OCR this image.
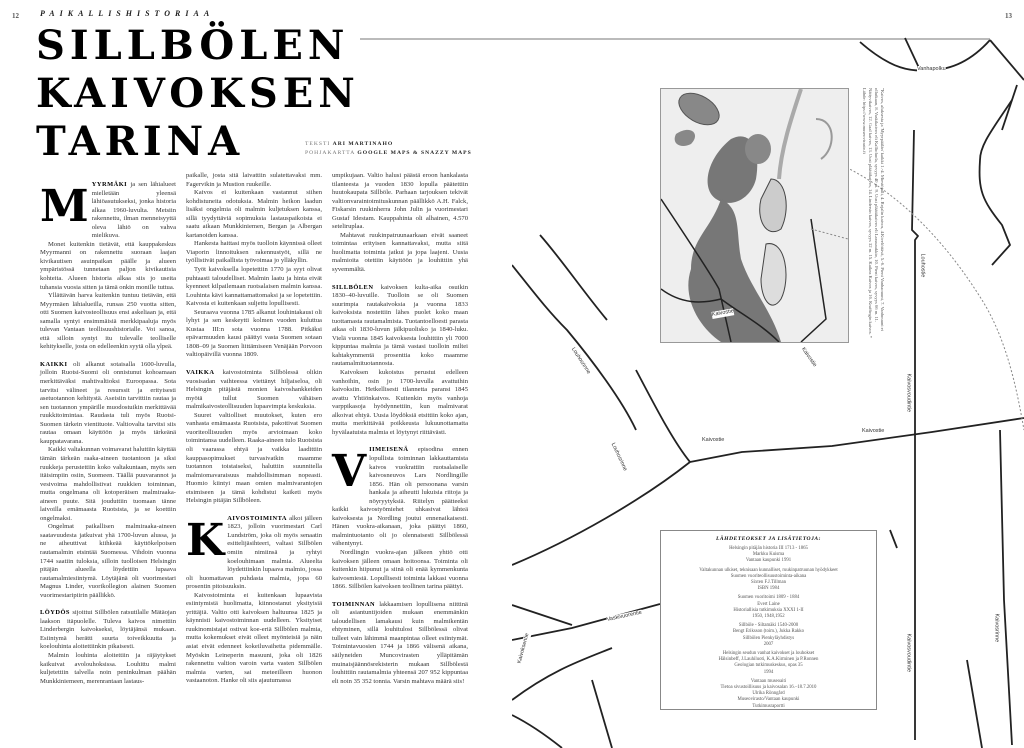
12	PAIKALLISHISTORIAA
SILLBÖLEN
KAIVOKSEN
TARINA	TEKSTI ARI MARTINAHO
POHJAKARTTA GOOGLE MAPS & SNAZZY MAPS

MYYRMÄKI ja sen lähialueet mielletään yleensä lähiöasutukseksi, jonka historia alkaa 1960-luvulta. Metsiin rakennettu, ilman menneisyyttä oleva lähiö on vahva mielikuva.

Monet kuitenkin tietävät, että kauppakeskus Myyrmanni on rakennettu suoraan laajan kivikautisen asuinpaikan päälle ja alueen ympäristössä tunnetaan paljon kivikautisia kohteita. Alueen historia alkaa siis jo useita tuhansia vuosia sitten ja tämä onkin monille tuttua.

Yllättävän harva kuitenkin tuntuu tietävän, että Myyrmäen lähialueilla, runsas 250 vuotta sitten, otti Suomen kaivosteollisuus ensi askeliaan ja, että samalla syntyi ensimmäisiä merkkipaaluja myös tulevan Vantaan teollisuushistorialle. Voi sanoa, että silloin syntyi itu tulevalle teolliselle kehitykselle, josta on edelleenkin syytä olla ylpeä.

KAIKKI oli alkanut sotaisalla 1600-luvulla, jolloin Ruotsi-Suomi oli onnistunut kohoamaan merkittäväksi mahtivaltioksi Euroopassa. Sota tarvitsi välineet ja resurssit ja erityisesti asetuotannon kehitystä. Aseisiin tarvittiin rautaa ja sen tuotannon ympärille muodostuikin merkittävää ruukkitoimintaa. Raudasta tuli myös Ruotsi-Suomen tärkein vientituote. Valtiovalta tarvitsi siis rautaa omaan käyttöön ja myös tärkeänä kauppatavarana.

Kaikki valtakunnan voimavarat haluttiin käyttää tämän tärkeän raaka-aineen tuotantoon ja siksi ruukkeja perustettiin koko valtakuntaan, myös sen itäisimpiin osiin, Suomeen. Täällä puuvarannot ja vesivoima mahdollistivat ruukkien toiminnan, mutta ongelmana oli kotoperäisen malmiraaka-aineen puute. Sitä jouduttiin tuomaan tänne laivoilla emämaasta Ruotsista, ja se koettiin ongelmaksi.

Ongelmat paikallisen malmiraaka-aineen saatavuudesta jatkuivat yhä 1700-luvun alussa, ja ne aiheuttivat kiihkeää käyttökelpoisen rautamalmin etsintää Suomessa. Vihdoin vuonna 1744 saatiin tuloksia, silloin tuolloisen Helsingin pitäjän alueella löydettiin lupaava rautamalmiesiintymä. Löytäjänä oli vuorimestari Magnus Linder, vuorikollegion alainen Suomen vuorimestaripiirin päällikkö.

LÖYDÖS sijoittui Sillbölen ratsutilalle Mätäojan laakson itäpuolelle. Tuleva kaivos nimettiin Linderbergin kaivokseksi, löytäjänsä mukaan. Esiintymä herätti suurta toiveikkuutta ja koelouhinta aloitettiinkin pikaisesti.

Malmin louhinta aloitettiin ja räjäytykset kaikuivat avolouhoksissa. Louhittu malmi kuljetettiin talvella noin peninkulman päähän Munkkiniemeen, merenrantaan lastaus-

paikalle, josta sitä laivattiin sulatettavaksi mm. Fagervikin ja Mustion ruukeille.

Kaivos ei kuitenkaan vastannut siihen kohdistuneita odotuksia. Malmin heikon laadun lisäksi ongelmia oli malmin kuljetuksen kanssa, sillä tyydyttäviä sopimuksia lastauspaikoista ei saatu aikaan Munkkiniemen, Bergan ja Albergan kartanoiden kanssa.

Hankesta haittasi myös tuolloin käynnissä olleet Viaporin linnoituksen rakennustyöt, sillä ne työllistivät paikallista työvoimaa jo ylläkyllin.

Työt kaivoksella lopetettiin 1770 ja syyt olivat puhtaasti taloudelliset. Malmin laatu ja hinta eivät kyenneet kilpailemaan ruotsalaisen malmin kanssa. Louhinta kävi kannattamattomaksi ja se lopetettiin. Kaivosta ei kuitenkaan suljettu lopullisesti.

Seuraava vuonna 1785 alkanut louhintakausi oli lyhyt ja sen keskeytti kolmen vuoden kuluttua Kustaa III:n sota vuonna 1788. Pitkäksi epävarmuuden kausi päättyi vasta Suomen sotaan 1808–09 ja Suomen liittämiseen Venäjään Porvoon valtiopäivillä vuonna 1809.

VAIKKA kaivostoiminta Sillbölessä olikin vuosisadan vaihteessa viettänyt hiljaiseloa, oli Helsingin pitäjästä monien kaivoshankkeiden myötä tullut Suomen vähäisen malmikaivosteollisuuden lupaavimpia keskuksia.

Suuret valtiolliset muutokset, kuten ero vanhasta emämaasta Ruotsista, pakottivat Suomen vuoriteollisuuden myös arvioimaan koko toimintansa uudelleen. Raaka-aineen tulo Ruotsista oli vaarassa ehtyä ja vaikka laadittiin kauppasopimukset turvasivatkin maamme tuotannon toistaiseksi, haluttiin suunnitella malmiomavaraisuus mahdollisimman nopeasti. Huomio kiintyi maan omien malmivarantojen etsimiseen ja tämä kohdistui kaiketi myös Helsingin pitäjän Sillböleen.

KAIVOSTOIMINTA alkoi jälleen 1823, jolloin vuorimestari Carl Lundström, joka oli myös senaatin esittelijäsihteeri, valtasi Sillbölen omiin nimiinsä ja ryhtyi koelouhimaan malmia. Alueelta löydettiinkin lupaava malmio, jossa oli huomattavan puhdasta malmia, jopa 60 prosentin pitoisuuksin.

Kaivostoiminta ei kuitenkaan lupaavista esiintymistä huolimatta, kiinnostanut yksityisiä yrittäjiä. Valtio otti kaivoksen haltuunsa 1825 ja käynnisti kaivostoiminnan uudelleen. Yksityiset ruukinomistajat ostivat koe-eriä Sillbölen malmia, mutta kokemukset eivät olleet myönteisiä ja näin asiat eivät edenneet kokeiluvaihetta pidemmälle. Myöskin Leineperin masuuni, joka oli 1826 rakennettu valtion varoin varta vasten Sillbölen malmia varten, sai meteeilleen huonon vastaanoton. Hanke oli siis ajautumassa

umpikujaan. Valtio halusi päästä eroon hankalasta tilanteesta ja vuoden 1830 lopulla päätettiin huutokaupata Sillböle. Parhaan tarjouksen tekivät valtionvaraintoimituskunnan päällikkö A.H. Falck, Fiskarsin ruukinherra John Julin ja vuorimestari Gustaf Idestam. Kauppahinta oli alhainen, 4.570 seteliruplaa.

Mahtavat ruukinpatruunaarkaan eivät saaneet toimintaa erityisen kannattavaksi, mutta siitä huolimatta toiminta jatkui ja jopa laajeni. Uusia malmioita otettiin käyttöön ja louhittiin yhä syvemmältä.

SILLBÖLEN kaivoksen kulta-aika osuikin 1830–40-luvuille. Tuolloin se oli Suomen suurimpia rautakaivoksia ja vuonna 1833 kaivoksista nostettiin lähes puolet koko maan tuottamasta rautamalmista. Tuotantoelloesti parasta aikaa oli 1830-luvun jälkipuolisko ja 1840-luku. Vielä vuonna 1845 kaivoksesta louhittiin yli 7000 kippuntaa malmia ja tämä vastasi tuolloin miltei kahtakymmentä prosenttia koko maamme rautamalmituotannosta.

Kaivoksen kukoistus perustui edelleen vanhoihin, osin jo 1700-luvulla avattuihin kaivoksiin. Hetkellisesti tilannetta paransi 1845 avattu Yhtiönkaivos. Kuitenkin myös vanhoja varppikasoja hyödynnettiin, kun malmivarat alkoivat ehtyä. Uusia löydöksiä etsittiin koko ajan, mutta merkittävää poikkeusta lukuunottamatta hyvälaatuista malmia ei löytynyt riittävästi.

VIIMEISENÄ episodina ennen lopullista toiminnan lakkauttamista kaivos vuokrattiin ruotsalaiselle kaivosneuvos Lars Nordlingille 1856. Hän oli persoonana varsin hankala ja aiheutti lukuisia riitoja ja nöyryytyksiä. Riitelyn päätteeksi kaikki kaivostyömiehet uhkasivat lähteä kaivoksesta ja Nordling joutui ennenaikaisesti. Hänen vuokra-aikanaan, joka päättyi 1860, malmintuotanto oli jo olennaisesti Sillbölessä vähentynyt.

Nordlingin vuokra-ajan jälkeen yhtiö otti kaivoksen jälleen omaan hoitoonsa. Toiminta oli kuitenkin hiipunut ja siinä oli enää kymmenkunta kaivosmiestä. Lopullisesti toiminta lakkasi vuonna 1866. Sillbölen kaivoksen teollinen tarina päättyi.

TOIMINNAN lakkaamisen lopullisena niittinä oli asiantuntijoiden mukaan enemmänkin taloudellisen lamakausi kuin malmikentän ehtyminen, sillä louhitulosi Sillbölessä olivat tulleet vain lähimmä maanpintaa olleet esiintymät. Toimintavuosien 1744 ja 1866 välisenä aikana, säilyneiden Muncovirasten ylläpitämän muinaisjäännösrekisterin mukaan Sillbölestä louhittiin rautamalmia yhteensä 207 952 kippuntaa eli noin 35 352 tonnia. Varsin mahtava määrä siis!

13
"Kaivos, aluksesta ja 'Myyrpäälän' kaikki 1.-4. Miestöjalli, 4. Rojalin kaivos, 4.Kivelöitävä, 5.-6. Pieni Vanhaouuni, 7. Vanhouuni ei ollutkaan, 8. Vaskikaivos eli Kallioluola, syvyys 40 m. 9. Uusi pläätäkaivos eli Lassuaukkio, 10. Pieni kaivos, syvyys 66 m. 11. Nättyvikaivos, 12. Gaal kaivos, 13. Uusi pläätäkaivos, 14. Lindersin kaivos, syvyys 32 m. 15. Kaikea Kaivos ja 16. Kraffingin kaivos. * Lähde: https://www.museovirasto.fi
Vanhapolku
Kaivostie
Kaivostie
Kaivostie
Kaivostie
Louhostie
Kaivosvoudintie
Kaivosvoudintie
Louhosrinne
Louhosrinne
Vaskivuorentie
Kaivoksentie
Kaivosrinne
LÄHDETEOKSET JA LISÄTIETOJA:

Helsingin pitäjän historia III 1713 - 1865
Markku Kuisma
Vantaan kaupunki 1991

Valtakunnan ulkiset, teknisaan kunnalliset, ruukinpatruunan hyödykkeet
Suomen vuoriteollisuustoiminta-aikana
Sixten F.J.Tillman
ISBN 1984

Suomen vuoritoimi 1809 - 1884
Evert Laine
Historiallisia tutkimuksia XXXI 1-II
1950, 1948,1952

Sillböle - Siltamäki 1540-2000
Bengt Eriksson (toim.), Jukka Rakko
Sillbölen Pienkyläyhdistys
2007

Helsingin seudun vanhat kaivokset ja louhokset
Hälsinbeff, J.Lauhiluoti, K.A.Kirminen ja P.Ronnen
Geologian tutkimuskeskus, opas 35
1994

Vantaan museoaiti
Tietoa sivustoillisuus ja kaivosalan 16.–18.7.2010
Ulrika Rönngård
Museovirasto/Vantaan kaupunki
Tutkimusraportti
